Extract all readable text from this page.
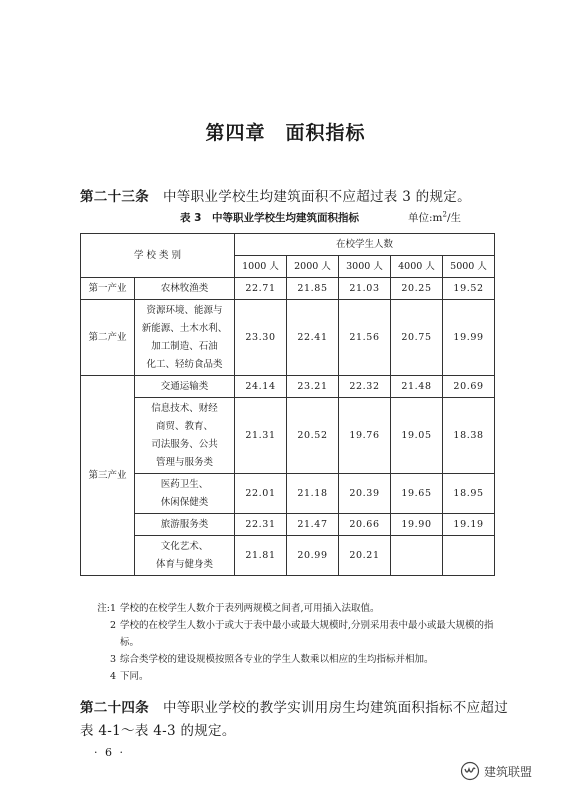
第四章　面积指标
第二十三条 中等职业学校生均建筑面积不应超过表 3 的规定。
表 3　 中等职业学校生均建筑面积指标	单位$:m^2/$生
学 校 类 别		在校学生人数				
		1000 人	2000 人	3000 人	4000 人	5000 人
第一产业	农林牧渔类	22.71	21.85	21.03	20.25	19.52
第二产业	资源环境、能源与
新能源、土木水利、
加工制造、石油
化工、轻纺食品类	23.30	22.41	21.56	20.75	19.99
第三产业	交通运输类	24.14	23.21	22.32	21.48	20.69

	信息技术、财经
商贸、教育、
司法服务、公共
管理与服务类	21.31	20.52	19.76	19.05	18.38

	医药卫生、
休闲保健类	22.01	21.18	20.39	19.65	18.95

	旅游服务类	22.31	21.47	20.66	19.90	19.19

	文化艺术、
体育与健身类	21.81	20.99	20.21		
注:1 学校的在校学生人数介于表列两规模之间者,可用插入法取值。
2 学校的在校学生人数小于或大于表中最小或最大规模时,分别采用表中最小或最大规模的指标。
3 综合类学校的建设规模按照各专业的学生人数乘以相应的生均指标并相加。
4 下同。
第二十四条 中等职业学校的教学实训用房生均建筑面积指标不应超过表 4-1～表 4-3 的规定。
· 6 ·
建筑联盟
